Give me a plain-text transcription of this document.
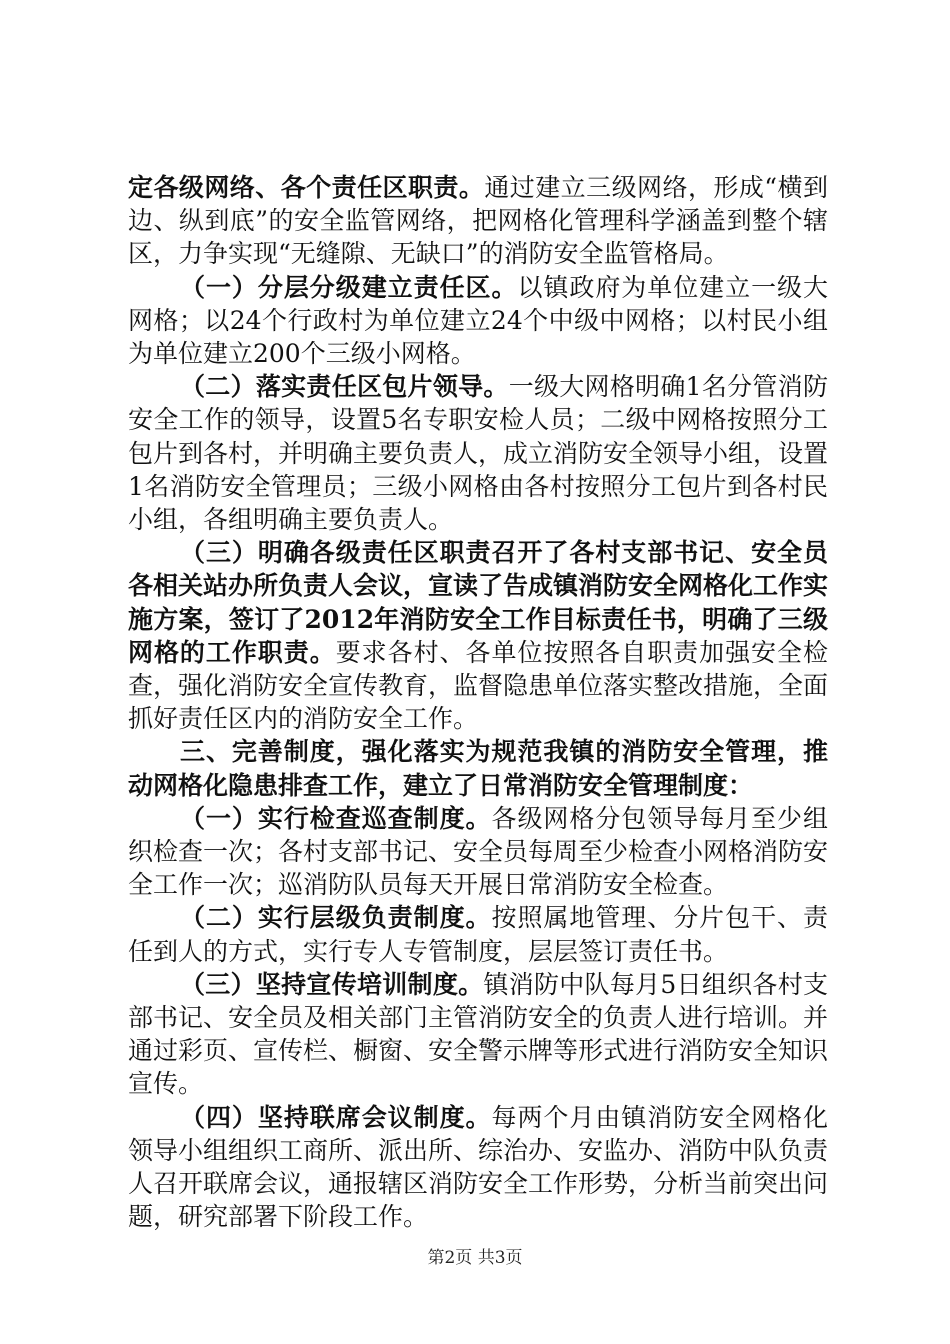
定各级网络、各个责任区职责。通过建立三级网络，形成“横到边、纵到底”的安全监管网络，把网格化管理科学涵盖到整个辖区，力争实现“无缝隙、无缺口”的消防安全监管格局。

（一）分层分级建立责任区。以镇政府为单位建立一级大网格；以24个行政村为单位建立24个中级中网格；以村民小组为单位建立200个三级小网格。

（二）落实责任区包片领导。一级大网格明确1名分管消防安全工作的领导，设置5名专职安检人员；二级中网格按照分工包片到各村，并明确主要负责人，成立消防安全领导小组，设置1名消防安全管理员；三级小网格由各村按照分工包片到各村民小组，各组明确主要负责人。

（三）明确各级责任区职责召开了各村支部书记、安全员各相关站办所负责人会议，宣读了告成镇消防安全网格化工作实施方案，签订了2012年消防安全工作目标责任书，明确了三级网格的工作职责。要求各村、各单位按照各自职责加强安全检查，强化消防安全宣传教育，监督隐患单位落实整改措施，全面抓好责任区内的消防安全工作。

三、完善制度，强化落实为规范我镇的消防安全管理，推动网格化隐患排查工作，建立了日常消防安全管理制度：

（一）实行检查巡查制度。各级网格分包领导每月至少组织检查一次；各村支部书记、安全员每周至少检查小网格消防安全工作一次；巡消防队员每天开展日常消防安全检查。

（二）实行层级负责制度。按照属地管理、分片包干、责任到人的方式，实行专人专管制度，层层签订责任书。

（三）坚持宣传培训制度。镇消防中队每月5日组织各村支部书记、安全员及相关部门主管消防安全的负责人进行培训。并通过彩页、宣传栏、橱窗、安全警示牌等形式进行消防安全知识宣传。

（四）坚持联席会议制度。每两个月由镇消防安全网格化领导小组组织工商所、派出所、综治办、安监办、消防中队负责人召开联席会议，通报辖区消防安全工作形势，分析当前突出问题，研究部署下阶段工作。

第2页 共3页
